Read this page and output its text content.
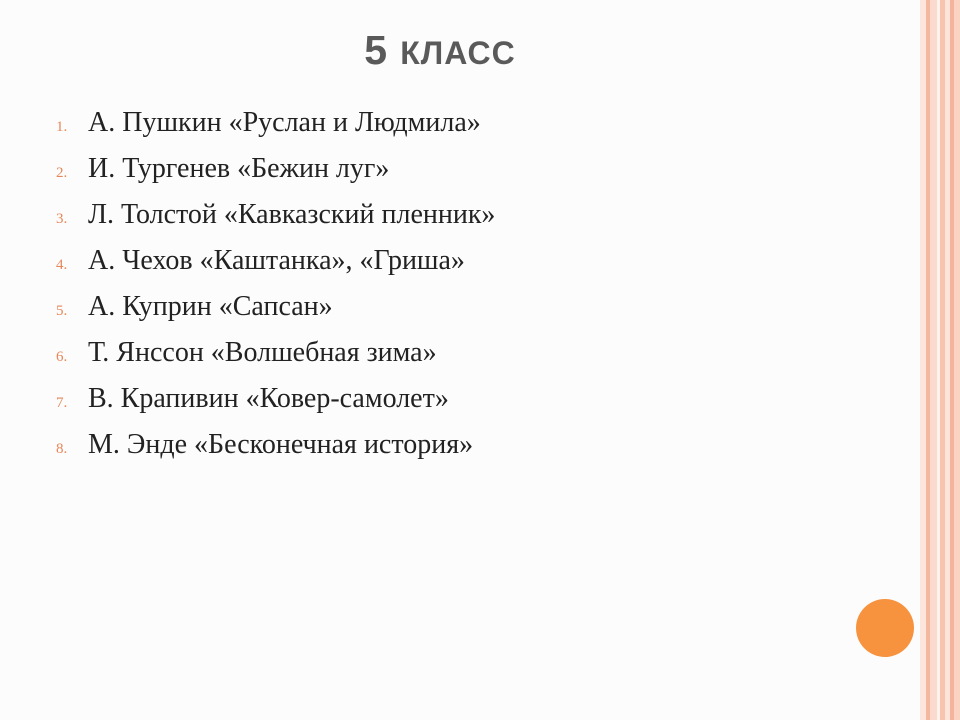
5 КЛАСС
1. А. Пушкин «Руслан и Людмила»
2. И. Тургенев «Бежин луг»
3. Л. Толстой «Кавказский пленник»
4. А. Чехов «Каштанка», «Гриша»
5. А. Куприн «Сапсан»
6. Т. Янссон «Волшебная зима»
7. В. Крапивин «Ковер-самолет»
8. М. Энде «Бесконечная история»
